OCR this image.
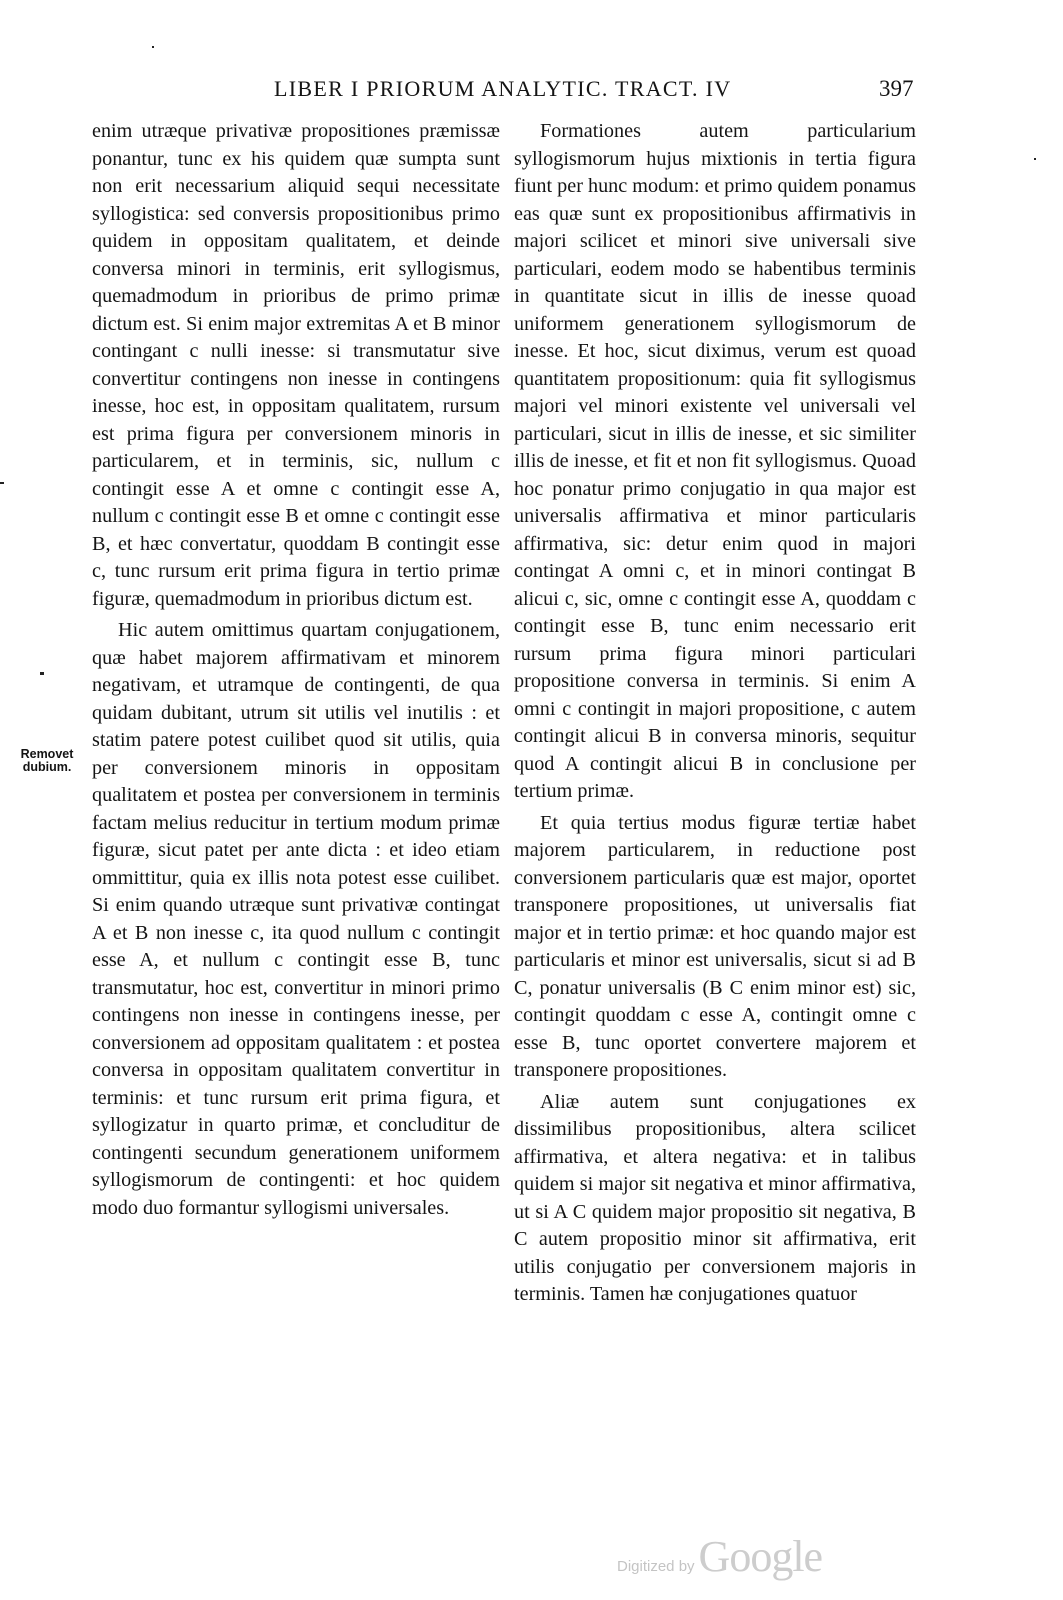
LIBER I PRIORUM ANALYTIC. TRACT. IV	397
Removet dubium.

enim utræque privativæ propositiones præmissæ ponantur, tunc ex his quidem quæ sumpta sunt non erit necessarium aliquid sequi necessitate syllogistica: sed conversis propositionibus primo quidem in oppositam qualitatem, et deinde conversa minori in terminis, erit syllogismus, quemadmodum in prioribus de primo primæ dictum est. Si enim major extremitas A et B minor contingant c nulli inesse: si transmutatur sive convertitur contingens non inesse in contingens inesse, hoc est, in oppositam qualitatem, rursum est prima figura per conversionem minoris in particularem, et in terminis, sic, nullum c contingit esse A et omne c contingit esse A, nullum c contingit esse B et omne c contingit esse B, et hæc convertatur, quoddam B contingit esse c, tunc rursum erit prima figura in tertio primæ figuræ, quemadmodum in prioribus dictum est.

Hic autem omittimus quartam conjugationem, quæ habet majorem affirmativam et minorem negativam, et utramque de contingenti, de qua quidam dubitant, utrum sit utilis vel inutilis : et statim patere potest cuilibet quod sit utilis, quia per conversionem minoris in oppositam qualitatem et postea per conversionem in terminis factam melius reducitur in tertium modum primæ figuræ, sicut patet per ante dicta : et ideo etiam ommittitur, quia ex illis nota potest esse cuilibet. Si enim quando utræque sunt privativæ contingat A et B non inesse c, ita quod nullum c contingit esse A, et nullum c contingit esse B, tunc transmutatur, hoc est, convertitur in minori primo contingens non inesse in contingens inesse, per conversionem ad oppositam qualitatem : et postea conversa in oppositam qualitatem convertitur in terminis: et tunc rursum erit prima figura, et syllogizatur in quarto primæ, et concluditur de contingenti secundum generationem uniformem syllogismorum de contingenti: et hoc quidem modo duo formantur syllogismi universales.

Formationes autem particularium syllogismorum hujus mixtionis in tertia figura fiunt per hunc modum: et primo quidem ponamus eas quæ sunt ex propositionibus affirmativis in majori scilicet et minori sive universali sive particulari, eodem modo se habentibus terminis in quantitate sicut in illis de inesse quoad uniformem generationem syllogismorum de inesse. Et hoc, sicut diximus, verum est quoad quantitatem propositionum: quia fit syllogismus majori vel minori existente vel universali vel particulari, sicut in illis de inesse, et sic similiter illis de inesse, et fit et non fit syllogismus. Quoad hoc ponatur primo conjugatio in qua major est universalis affirmativa et minor particularis affirmativa, sic: detur enim quod in majori contingat A omni c, et in minori contingat B alicui c, sic, omne c contingit esse A, quoddam c contingit esse B, tunc enim necessario erit rursum prima figura minori particulari propositione conversa in terminis. Si enim A omni c contingit in majori propositione, c autem contingit alicui B in conversa minoris, sequitur quod A contingit alicui B in conclusione per tertium primæ.

Et quia tertius modus figuræ tertiæ habet majorem particularem, in reductione post conversionem particularis quæ est major, oportet transponere propositiones, ut universalis fiat major et in tertio primæ: et hoc quando major est particularis et minor est universalis, sicut si ad B C, ponatur universalis (B C enim minor est) sic, contingit quoddam c esse A, contingit omne c esse B, tunc oportet convertere majorem et transponere propositiones.

Aliæ autem sunt conjugationes ex dissimilibus propositionibus, altera scilicet affirmativa, et altera negativa: et in talibus quidem si major sit negativa et minor affirmativa, ut si A C quidem major propositio sit negativa, B C autem propositio minor sit affirmativa, erit utilis conjugatio per conversionem majoris in terminis. Tamen hæ conjugationes quatuor

Digitized by Google
